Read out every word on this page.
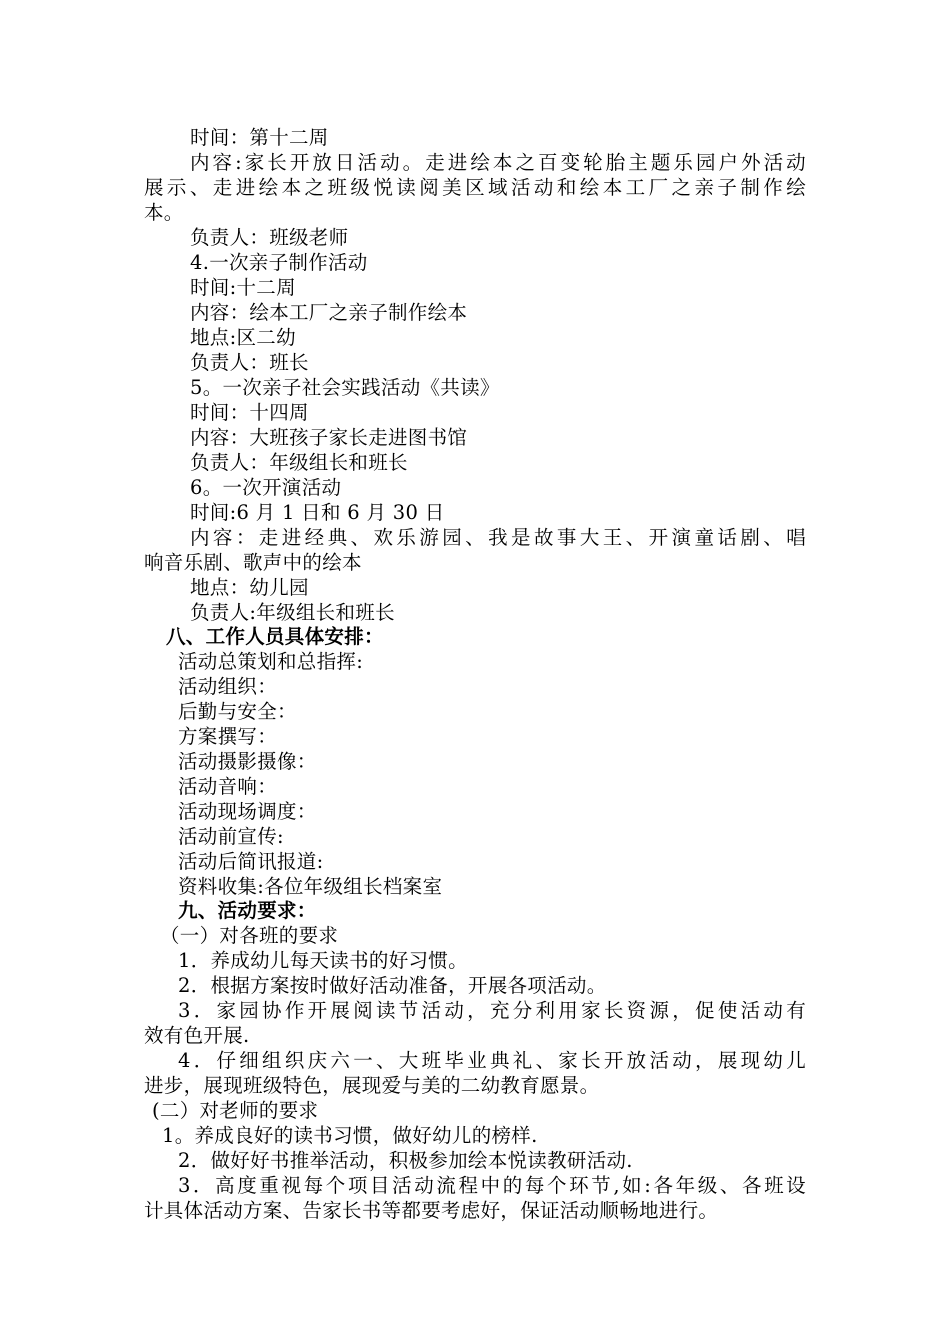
时间：第十二周
内容:家长开放日活动。走进绘本之百变轮胎主题乐园户外活动
展示、走进绘本之班级悦读阅美区域活动和绘本工厂之亲子制作绘
本。
负责人：班级老师
4.一次亲子制作活动
时间:十二周
内容：绘本工厂之亲子制作绘本
地点:区二幼
负责人：班长
5。一次亲子社会实践活动《共读》
时间：十四周
内容：大班孩子家长走进图书馆
负责人：年级组长和班长
6。一次开演活动
时间:6 月 1 日和 6 月 30 日
内容：走进经典、欢乐游园、我是故事大王、开演童话剧、唱
响音乐剧、歌声中的绘本
地点：幼儿园
负责人:年级组长和班长
八、工作人员具体安排：
活动总策划和总指挥:
活动组织：
后勤与安全：
方案撰写：
活动摄影摄像：
活动音响：
活动现场调度：
活动前宣传:
活动后简讯报道:
资料收集:各位年级组长档案室
九、活动要求：
（一）对各班的要求
1．养成幼儿每天读书的好习惯。
2．根据方案按时做好活动准备，开展各项活动。
3．家园协作开展阅读节活动，充分利用家长资源，促使活动有
效有色开展.
4．仔细组织庆六一、大班毕业典礼、家长开放活动，展现幼儿
进步，展现班级特色，展现爱与美的二幼教育愿景。
(二）对老师的要求
1。养成良好的读书习惯，做好幼儿的榜样.
2．做好好书推举活动，积极参加绘本悦读教研活动.
3．高度重视每个项目活动流程中的每个环节,如:各年级、各班设
计具体活动方案、告家长书等都要考虑好，保证活动顺畅地进行。
